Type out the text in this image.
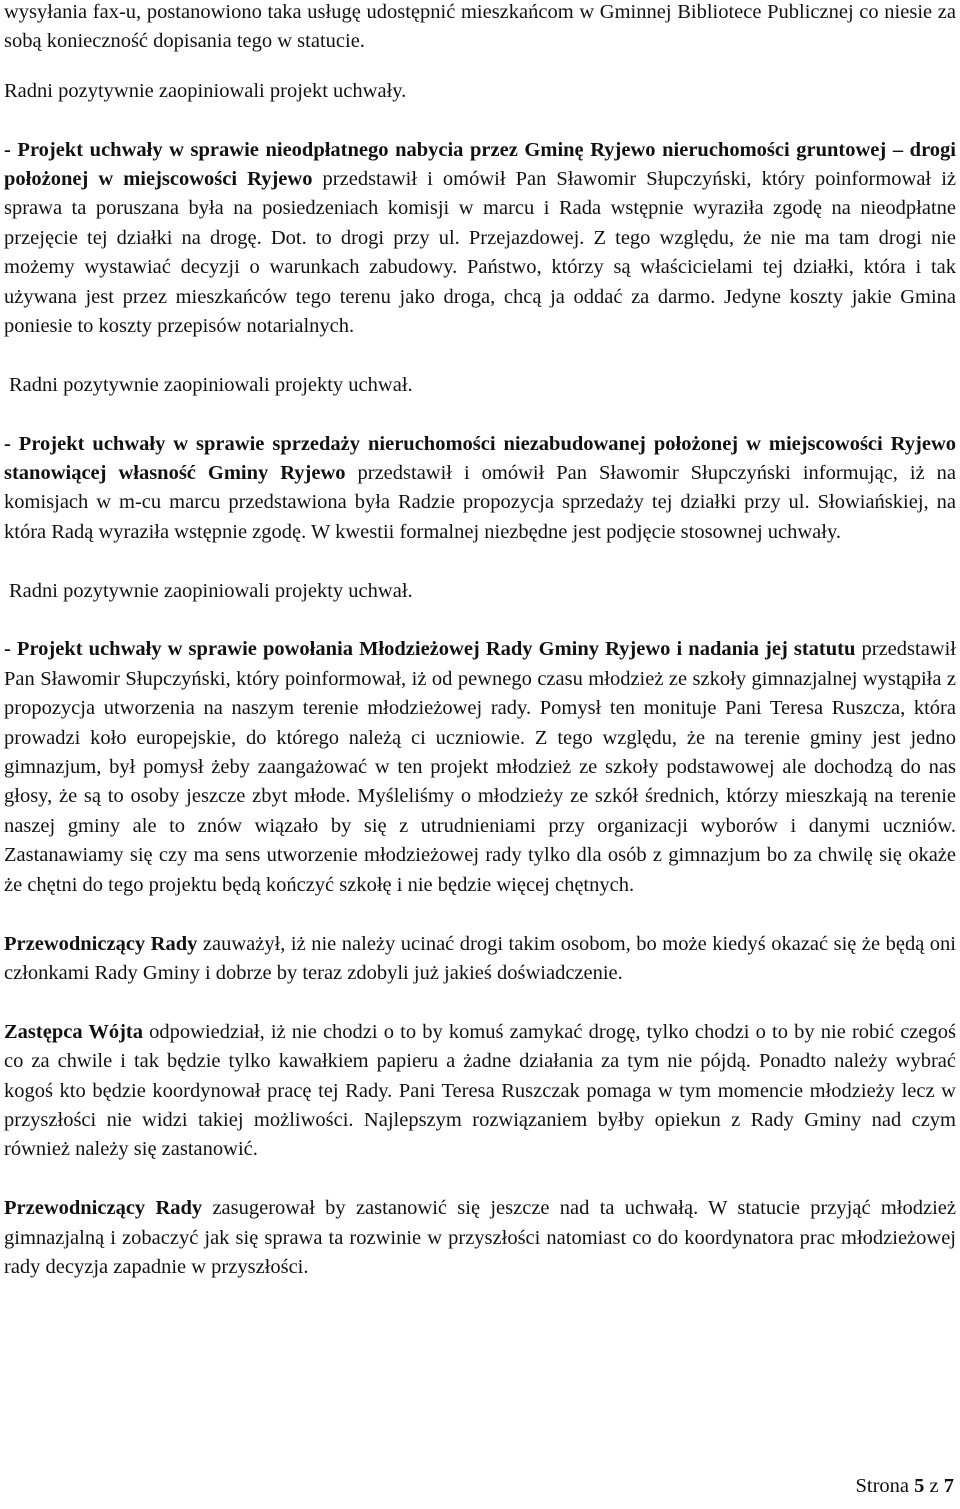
wysyłania fax-u, postanowiono taka usługę udostępnić mieszkańcom w Gminnej Bibliotece Publicznej co niesie za sobą konieczność dopisania tego w statucie.

Radni pozytywnie zaopiniowali projekt uchwały.

- Projekt uchwały w sprawie nieodpłatnego nabycia przez Gminę Ryjewo nieruchomości gruntowej – drogi położonej w miejscowości Ryjewo przedstawił i omówił Pan Sławomir Słupczyński, który poinformował iż sprawa ta poruszana była na posiedzeniach komisji w marcu i Rada wstępnie wyraziła zgodę na nieodpłatne przejęcie tej działki na drogę. Dot. to drogi przy ul. Przejazdowej. Z tego względu, że nie ma tam drogi nie możemy wystawiać decyzji o warunkach zabudowy. Państwo, którzy są właścicielami tej działki, która i tak używana jest przez mieszkańców tego terenu jako droga, chcą ja oddać za darmo. Jedyne koszty jakie Gmina poniesie to koszty przepisów notarialnych.

Radni pozytywnie zaopiniowali projekty uchwał.

- Projekt uchwały w sprawie sprzedaży nieruchomości niezabudowanej położonej w miejscowości Ryjewo stanowiącej własność Gminy Ryjewo przedstawił i omówił Pan Sławomir Słupczyński informując, iż na komisjach w m-cu marcu przedstawiona była Radzie propozycja sprzedaży tej działki przy ul. Słowiańskiej, na która Radą wyraziła wstępnie zgodę. W kwestii formalnej niezbędne jest podjęcie stosownej uchwały.

Radni pozytywnie zaopiniowali projekty uchwał.

- Projekt uchwały w sprawie powołania Młodzieżowej Rady Gminy Ryjewo i nadania jej statutu przedstawił Pan Sławomir Słupczyński, który poinformował, iż od pewnego czasu młodzież ze szkoły gimnazjalnej wystąpiła z propozycja utworzenia na naszym terenie młodzieżowej rady. Pomysł ten monituje Pani Teresa Ruszcza, która prowadzi koło europejskie, do którego należą ci uczniowie. Z tego względu, że na terenie gminy jest jedno gimnazjum, był pomysł żeby zaangażować w ten projekt młodzież ze szkoły podstawowej ale dochodzą do nas głosy, że są to osoby jeszcze zbyt młode. Myśleliśmy o młodzieży ze szkół średnich, którzy mieszkają na terenie naszej gminy ale to znów wiązało by się z utrudnieniami przy organizacji wyborów i danymi uczniów. Zastanawiamy się czy ma sens utworzenie młodzieżowej rady tylko dla osób z gimnazjum bo za chwilę się okaże że chętni do tego projektu będą kończyć szkołę i nie będzie więcej chętnych.

Przewodniczący Rady zauważył, iż nie należy ucinać drogi takim osobom, bo może kiedyś okazać się że będą oni członkami Rady Gminy i dobrze by teraz zdobyli już jakieś doświadczenie.

Zastępca Wójta odpowiedział, iż nie chodzi o to by komuś zamykać drogę, tylko chodzi o to by nie robić czegoś co za chwile i tak będzie tylko kawałkiem papieru a żadne działania za tym nie pójdą. Ponadto należy wybrać kogoś kto będzie koordynował pracę tej Rady. Pani Teresa Ruszczak pomaga w tym momencie młodzieży lecz w przyszłości nie widzi takiej możliwości. Najlepszym rozwiązaniem byłby opiekun z Rady Gminy nad czym również należy się zastanowić.

Przewodniczący Rady zasugerował by zastanowić się jeszcze nad ta uchwałą. W statucie przyjąć młodzież gimnazjalną i zobaczyć jak się sprawa ta rozwinie w przyszłości natomiast co do koordynatora prac młodzieżowej rady decyzja zapadnie w przyszłości.

Strona 5 z 7
